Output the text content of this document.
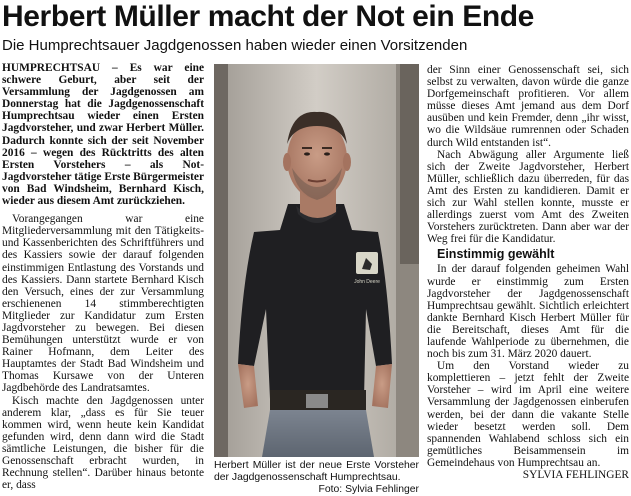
Herbert Müller macht der Not ein Ende
Die Humprechtsauer Jagdgenossen haben wieder einen Vorsitzenden

HUMPRECHTSAU – Es war eine schwere Geburt, aber seit der Versammlung der Jagdgenossen am Donnerstag hat die Jagdgenossenschaft Humprechtsau wieder einen Ersten Jagdvorsteher, und zwar Herbert Müller. Dadurch konnte sich der seit November 2016 – wegen des Rücktritts des alten Ersten Vorstehers – als Not-Jagdvorsteher tätige Erste Bürgermeister von Bad Windsheim, Bernhard Kisch, wieder aus diesem Amt zurückziehen.

Vorangegangen war eine Mitgliederversammlung mit den Tätigkeits- und Kassenberichten des Schriftführers und des Kassiers sowie der darauf folgenden einstimmigen Entlastung des Vorstands und des Kassiers. Dann startete Bernhard Kisch den Versuch, eines der zur Versammlung erschienenen 14 stimmberechtigten Mitglieder zur Kandidatur zum Ersten Jagdvorsteher zu bewegen. Bei diesen Bemühungen unterstützt wurde er von Rainer Hofmann, dem Leiter des Hauptamtes der Stadt Bad Windsheim und Thomas Kursawe von der Unteren Jagdbehörde des Landratsamtes.

Kisch machte den Jagdgenossen unter anderem klar, „dass es für Sie teuer kommen wird, wenn heute kein Kandidat gefunden wird, denn dann wird die Stadt sämtliche Leistungen, die bisher für die Genossenschaft erbracht wurden, in Rechnung stellen“. Darüber hinaus betonte er, dass

John Deere
Herbert Müller ist der neue Erste Vorsteher der Jagdgenossenschaft Humprechtsau.
Foto: Sylvia Fehlinger

der Sinn einer Genossenschaft sei, sich selbst zu verwalten, davon würde die ganze Dorfgemeinschaft profitieren. Vor allem müsse dieses Amt jemand aus dem Dorf ausüben und kein Fremder, denn „ihr wisst, wo die Wildsäue rumrennen oder Schaden durch Wild entstanden ist“.

Nach Abwägung aller Argumente ließ sich der Zweite Jagdvorsteher, Herbert Müller, schließlich dazu überreden, für das Amt des Ersten zu kandidieren. Damit er sich zur Wahl stellen konnte, musste er allerdings zuerst vom Amt des Zweiten Vorstehers zurücktreten. Dann aber war der Weg frei für die Kandidatur.

Einstimmig gewählt

In der darauf folgenden geheimen Wahl wurde er einstimmig zum Ersten Jagdvorsteher der Jagdgenossenschaft Humprechtsau gewählt. Sichtlich erleichtert dankte Bernhard Kisch Herbert Müller für die Bereitschaft, dieses Amt für die laufende Wahlperiode zu übernehmen, die noch bis zum 31. März 2020 dauert.

Um den Vorstand wieder zu komplettieren – jetzt fehlt der Zweite Vorsteher – wird im April eine weitere Versammlung der Jagdgenossen einberufen werden, bei der dann die vakante Stelle wieder besetzt werden soll. Dem spannenden Wahlabend schloss sich ein gemütliches Beisammensein im Gemeindehaus von Humprechtsau an.

SYLVIA FEHLINGER
